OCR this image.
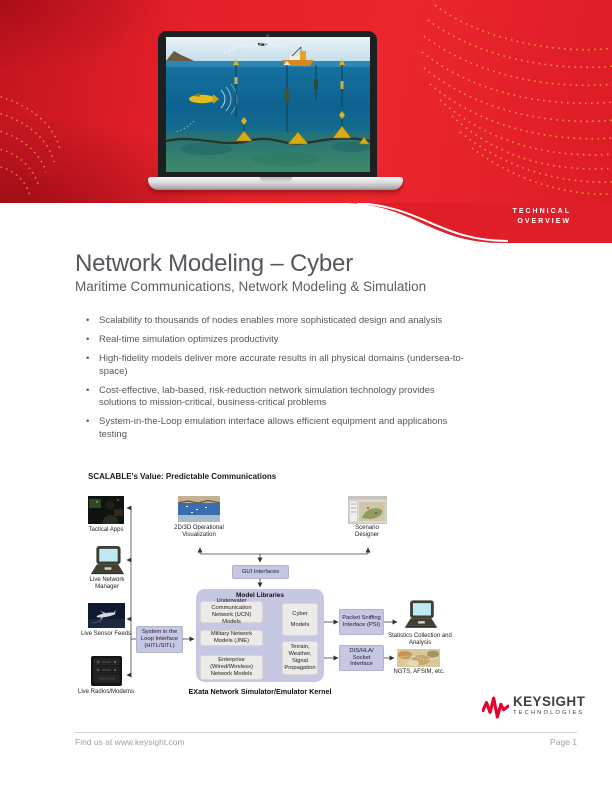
TECHNICAL
OVERVIEW
Network Modeling – Cyber
Maritime Communications, Network Modeling & Simulation
• Scalability to thousands of nodes enables more sophisticated design and analysis
• Real-time simulation optimizes productivity
• High-fidelity models deliver more accurate results in all physical domains (undersea-to-space)
• Cost-effective, lab-based, risk-reduction network simulation technology provides solutions to mission-critical, business-critical problems
• System-in-the-Loop emulation interface allows efficient equipment and applications testing
SCALABLE's Value: Predictable Communications
Tactical Apps
Live Network Manager
Live Sensor Feeds
Live Radios/Modems
2D/3D Operational Visualization
Scenario Designer
GUI Interfaces
System in the Loop Interface (HITL/SITL)
Model Libraries
Underwater Communication Network (UCN) Models
Military Network Models (JNE)
Enterprise (Wired/Wireless) Network Models
Cyber Models
Terrain, Weather, Signal Propagation
EXata Network Simulator/Emulator Kernel
Packet Sniffing Interface (PSI)
DIS/HLA/ Socket Interface
Statistics Collection and Analysis
NGTS, AFSIM, etc.
KEYSIGHT
TECHNOLOGIES
Find us at www.keysight.com	Page 1
